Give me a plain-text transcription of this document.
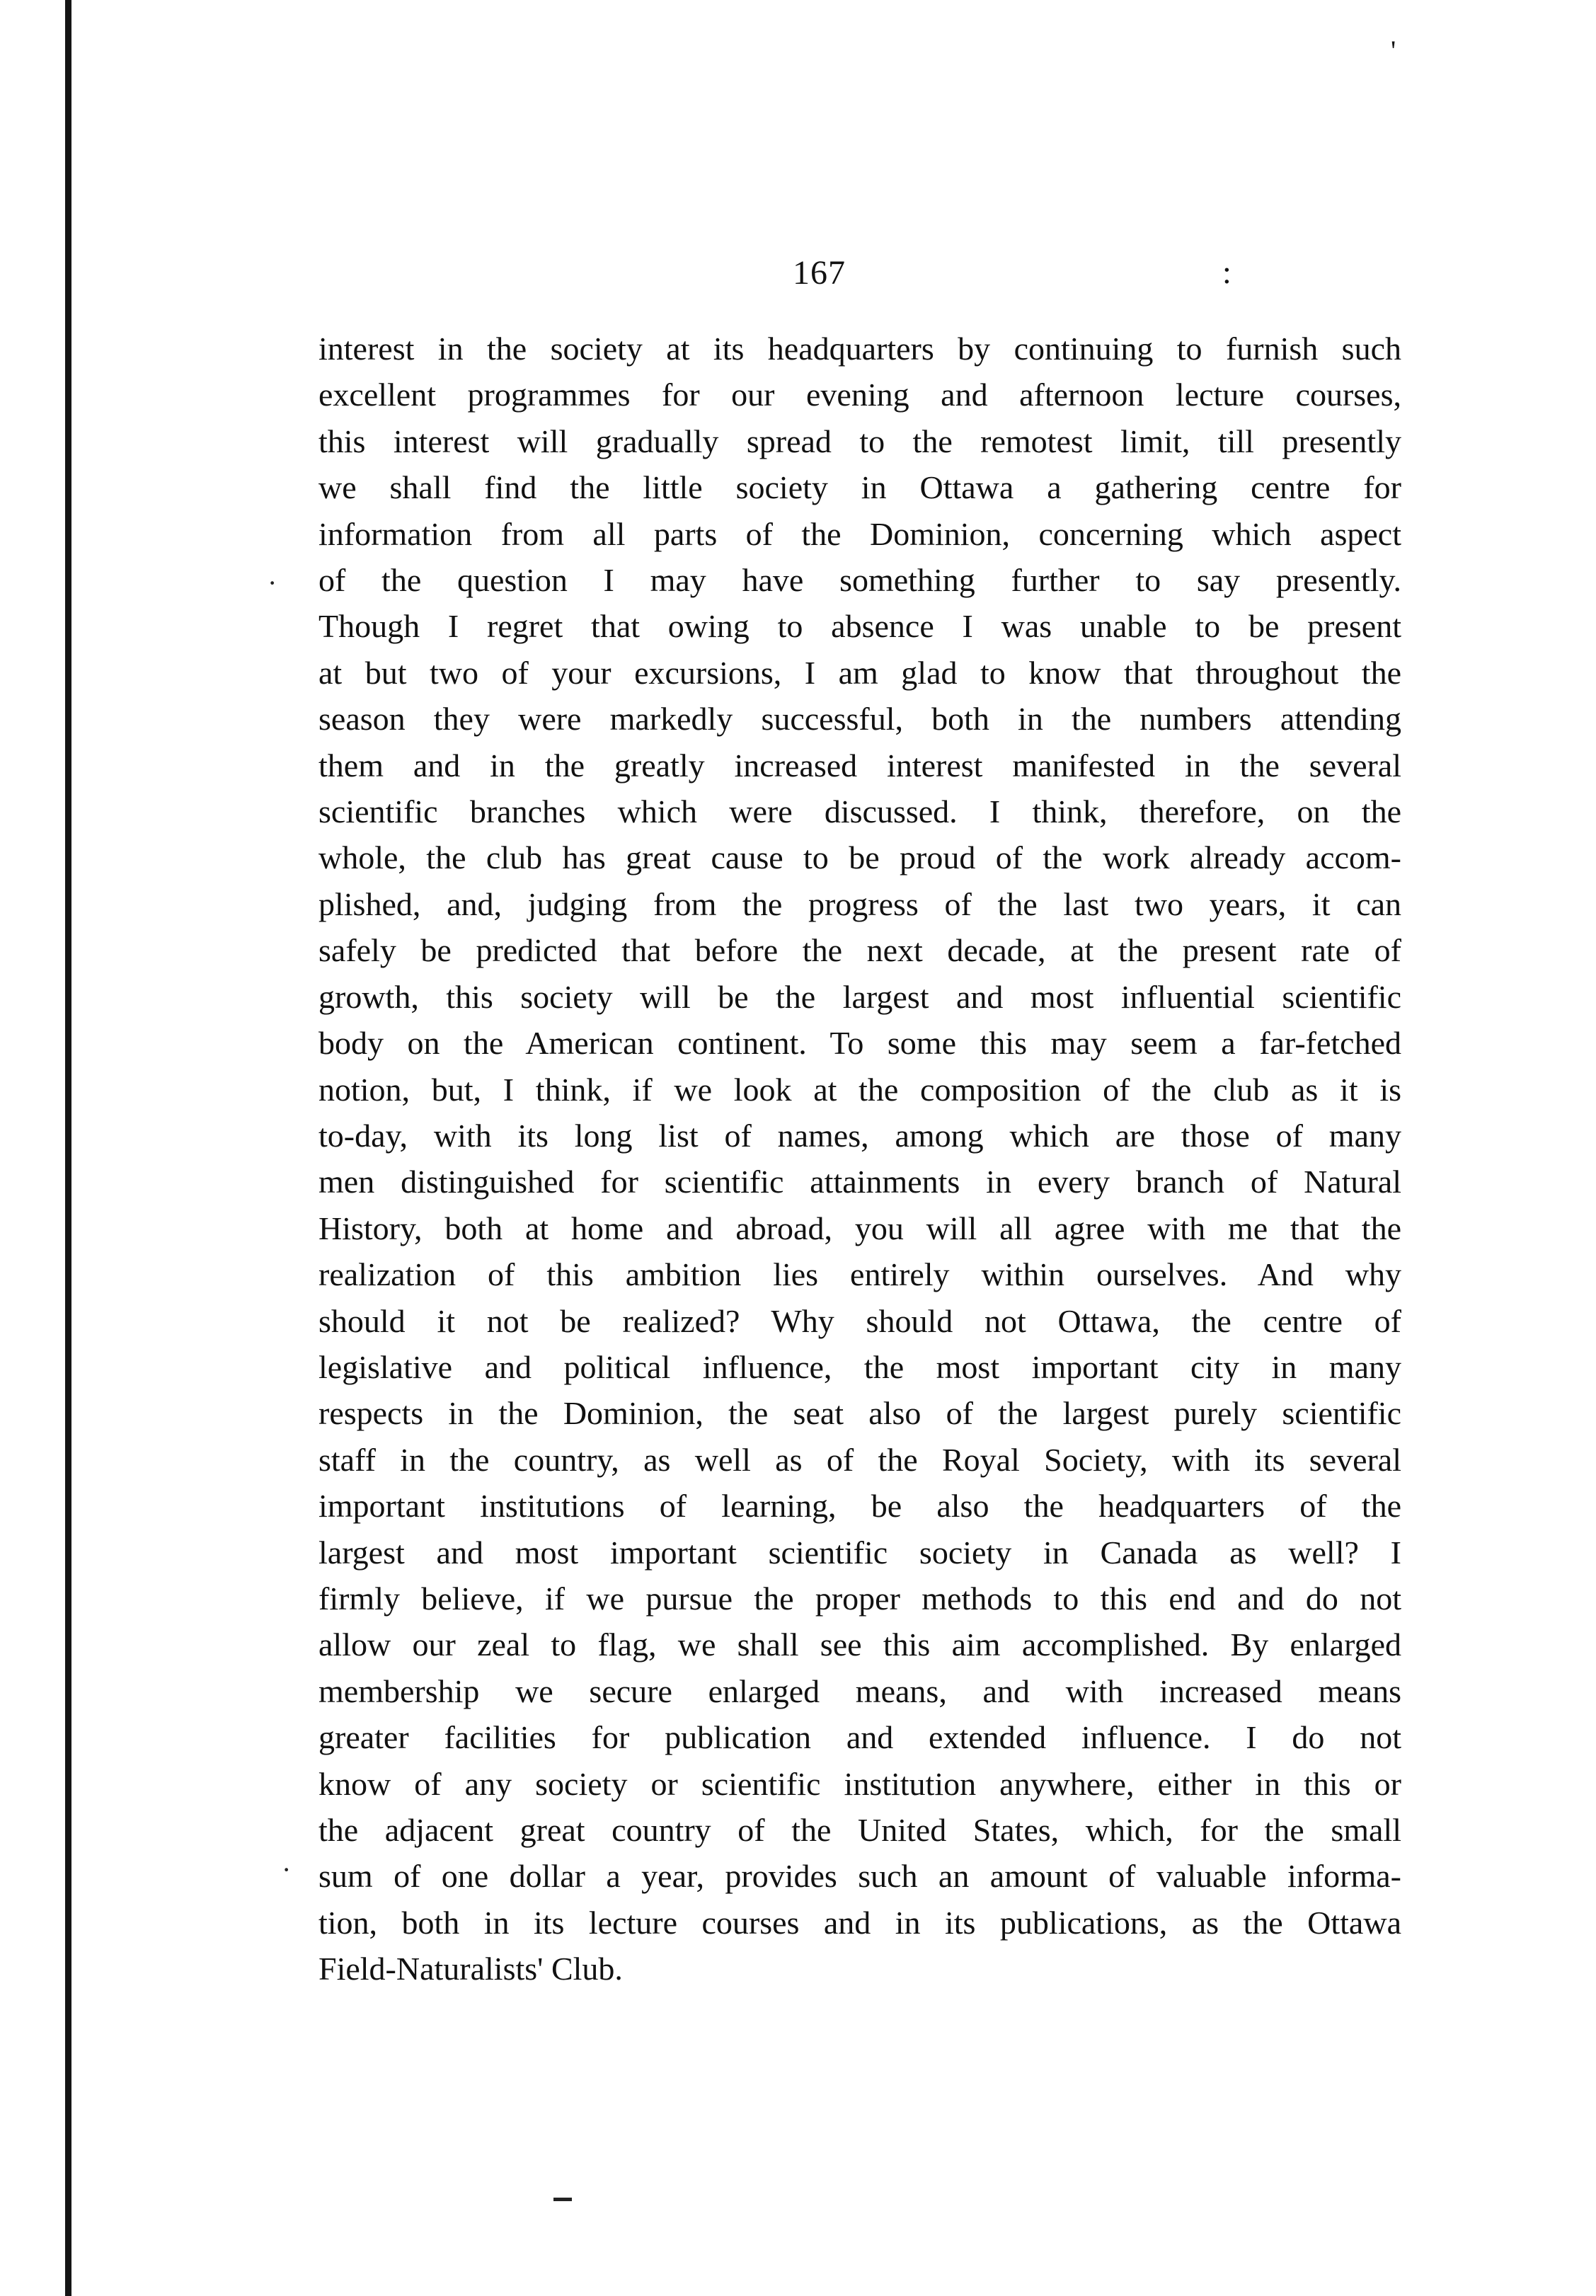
'
167	:
·
·
interest in the society at its headquarters by continuing to furnish such
excellent programmes for our evening and afternoon lecture courses,
this interest will gradually spread to the remotest limit, till presently
we shall find the little society in Ottawa a gathering centre for
information from all parts of the Dominion, concerning which aspect
of the question I may have something further to say presently.
Though I regret that owing to absence I was unable to be present
at but two of your excursions, I am glad to know that throughout the
season they were markedly successful, both in the numbers attending
them and in the greatly increased interest manifested in the several
scientific branches which were discussed. I think, therefore, on the
whole, the club has great cause to be proud of the work already accom-
plished, and, judging from the progress of the last two years, it can
safely be predicted that before the next decade, at the present rate of
growth, this society will be the largest and most influential scientific
body on the American continent. To some this may seem a far-fetched
notion, but, I think, if we look at the composition of the club as it is
to-day, with its long list of names, among which are those of many
men distinguished for scientific attainments in every branch of Natural
History, both at home and abroad, you will all agree with me that the
realization of this ambition lies entirely within ourselves. And why
should it not be realized? Why should not Ottawa, the centre of
legislative and political influence, the most important city in many
respects in the Dominion, the seat also of the largest purely scientific
staff in the country, as well as of the Royal Society, with its several
important institutions of learning, be also the headquarters of the
largest and most important scientific society in Canada as well? I
firmly believe, if we pursue the proper methods to this end and do not
allow our zeal to flag, we shall see this aim accomplished. By enlarged
membership we secure enlarged means, and with increased means
greater facilities for publication and extended influence. I do not
know of any society or scientific institution anywhere, either in this or
the adjacent great country of the United States, which, for the small
sum of one dollar a year, provides such an amount of valuable informa-
tion, both in its lecture courses and in its publications, as the Ottawa
Field-Naturalists' Club.
